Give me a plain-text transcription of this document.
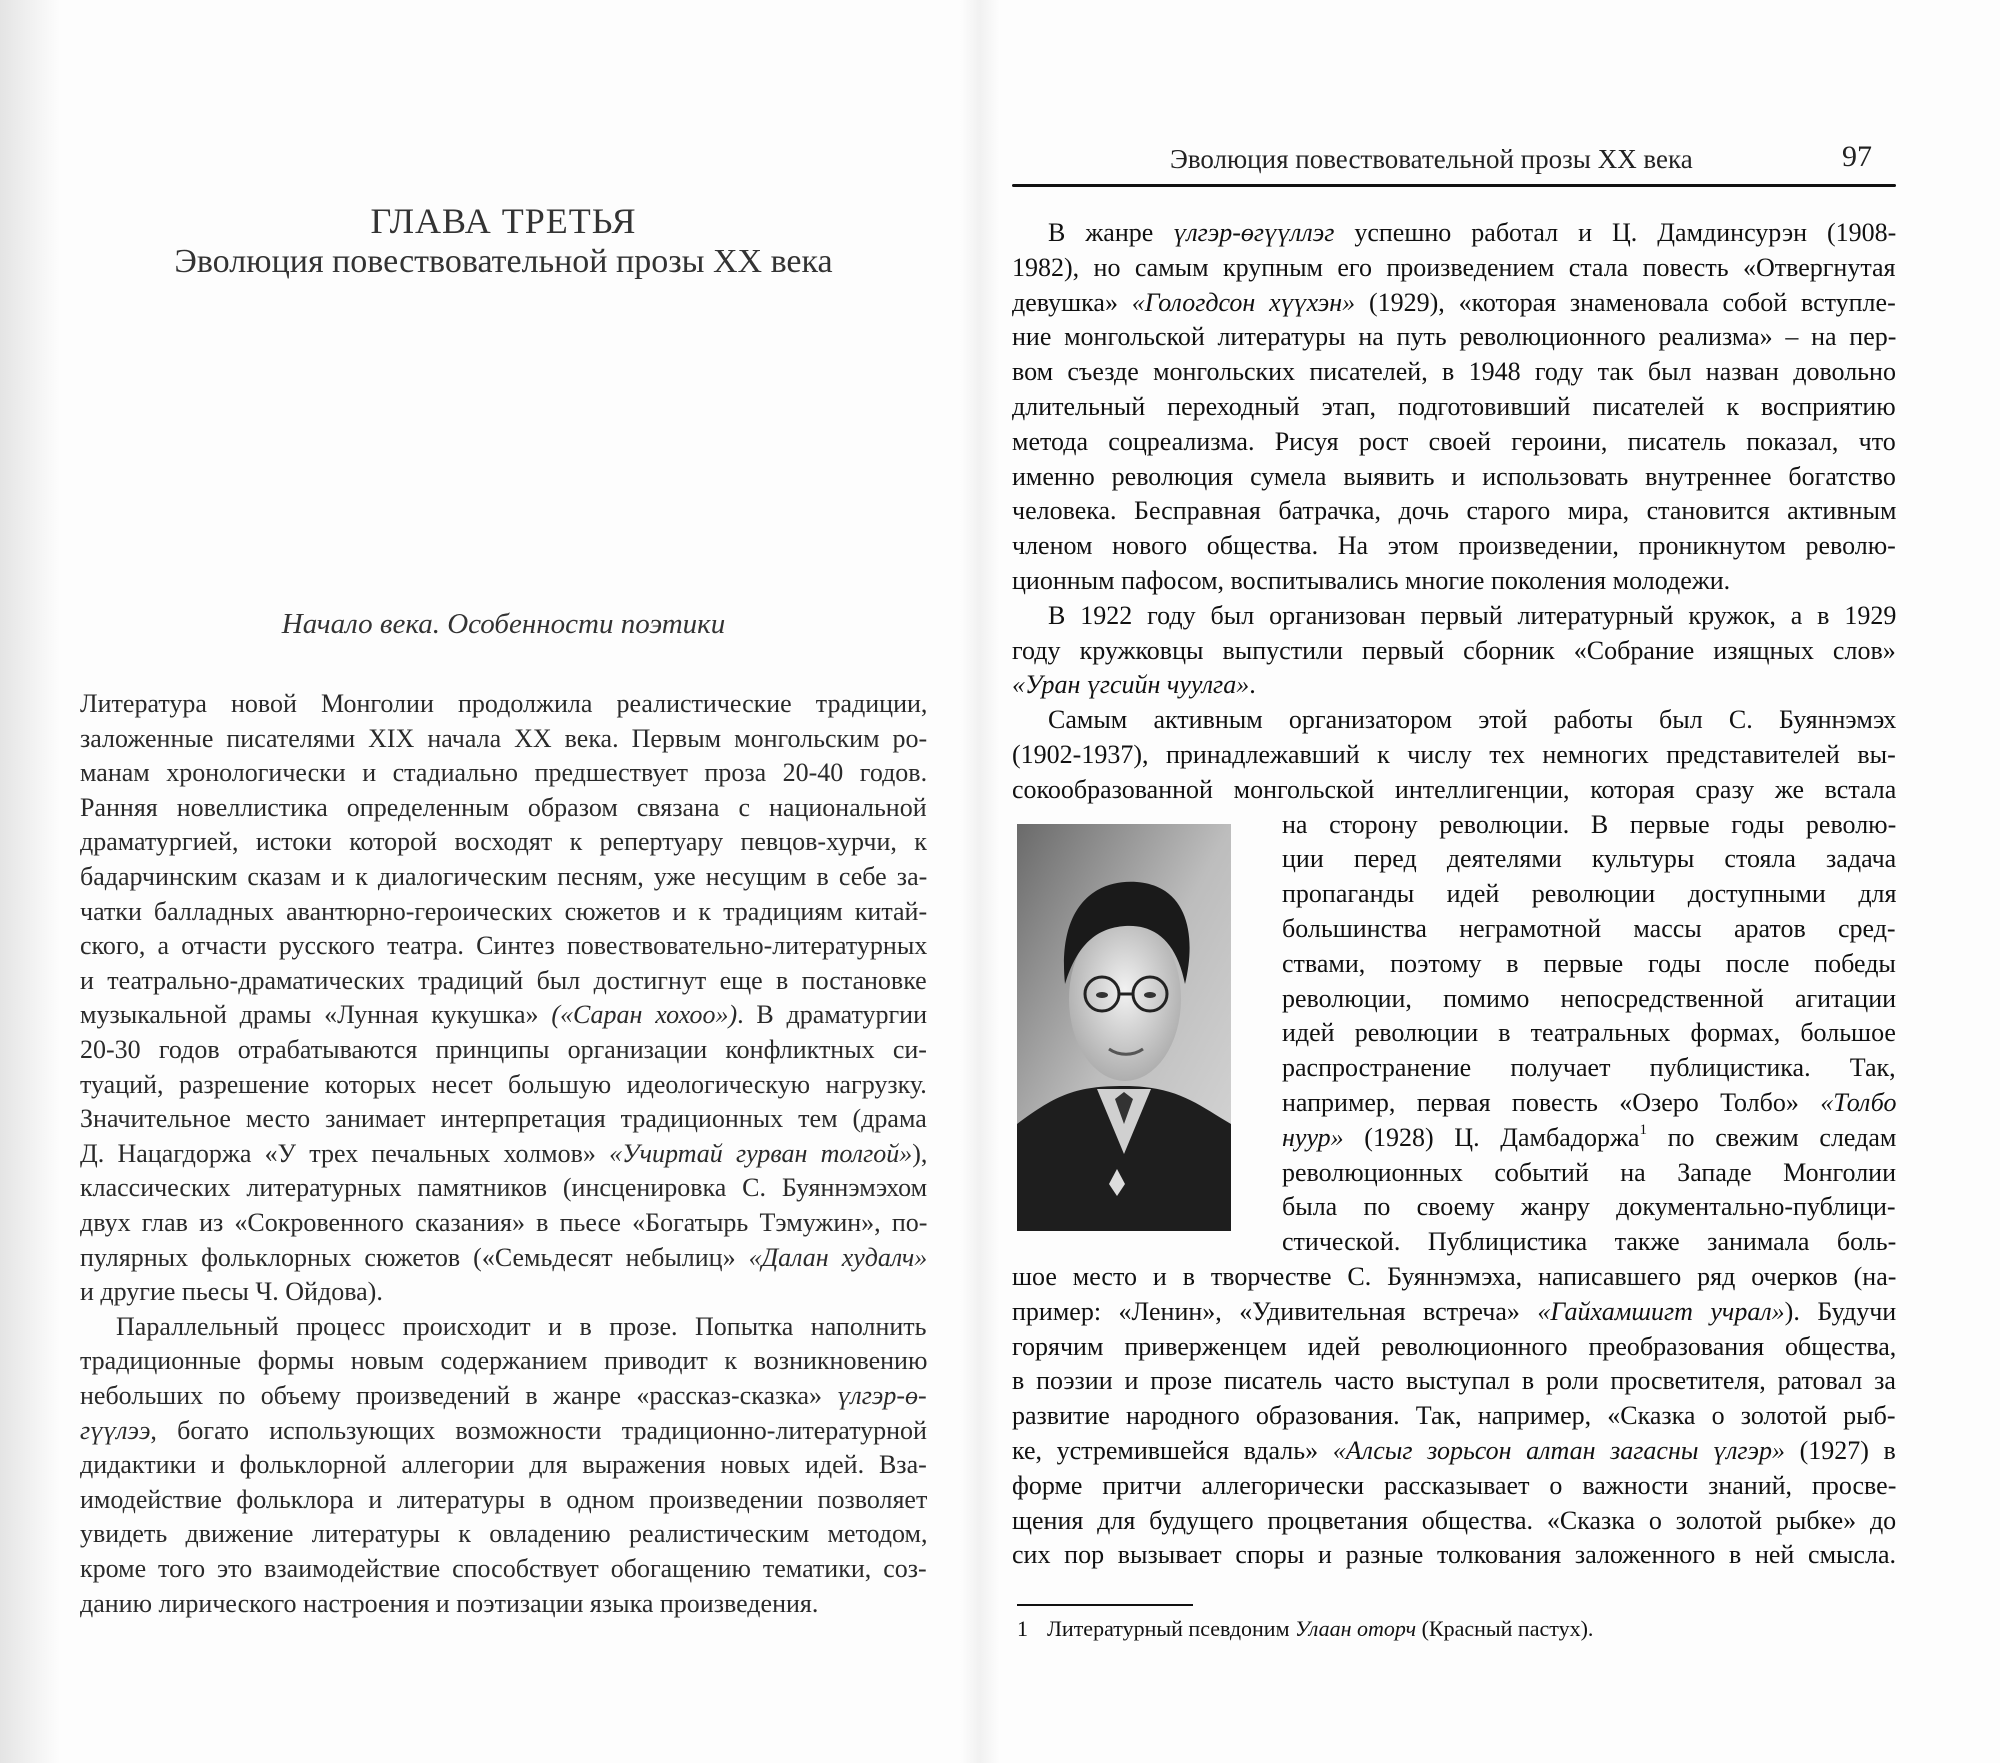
ГЛАВА ТРЕТЬЯ
Эволюция повествовательной прозы XX века
Начало века. Особенности поэтики
Литература новой Монголии продолжила реалистические традиции,
заложенные писателями XIX начала XX века. Первым монгольским ро-
манам хронологически и стадиально предшествует проза 20-40 годов.
Ранняя новеллистика определенным образом связана с национальной
драматургией, истоки которой восходят к репертуару певцов-хурчи, к
бадарчинским сказам и к диалогическим песням, уже несущим в себе за-
чатки балладных авантюрно-героических сюжетов и к традициям китай-
ского, а отчасти русского театра. Синтез повествовательно-литературных
и театрально-драматических традиций был достигнут еще в постановке
музыкальной драмы «Лунная кукушка» («Саран хохоо»). В драматургии
20-30 годов отрабатываются принципы организации конфликтных си-
туаций, разрешение которых несет большую идеологическую нагрузку.
Значительное место занимает интерпретация традиционных тем (драма
Д. Нацагдоржа «У трех печальных холмов» «Учиртай гурван толгой»),
классических литературных памятников (инсценировка С. Буяннэмэхом
двух глав из «Сокровенного сказания» в пьесе «Богатырь Тэмужин», по-
пулярных фольклорных сюжетов («Семьдесят небылиц» «Далан худалч»
и другие пьесы Ч. Ойдова).
Параллельный процесс происходит и в прозе. Попытка наполнить
традиционные формы новым содержанием приводит к возникновению
небольших по объему произведений в жанре «рассказ-сказка» үлгэр-ө-
гүүлээ, богато использующих возможности традиционно-литературной
дидактики и фольклорной аллегории для выражения новых идей. Вза-
имодействие фольклора и литературы в одном произведении позволяет
увидеть движение литературы к овладению реалистическим методом,
кроме того это взаимодействие способствует обогащению тематики, соз-
данию лирического настроения и поэтизации языка произведения.
Эволюция повествовательной прозы XX века	97
В жанре үлгэр-өгүүллэг успешно работал и Ц. Дамдинсурэн (1908-
1982), но самым крупным его произведением стала повесть «Отвергнутая
девушка» «Гологдсон хүүхэн» (1929), «которая знаменовала собой вступле-
ние монгольской литературы на путь революционного реализма» – на пер-
вом съезде монгольских писателей, в 1948 году так был назван довольно
длительный переходный этап, подготовивший писателей к восприятию
метода соцреализма. Рисуя рост своей героини, писатель показал, что
именно революция сумела выявить и использовать внутреннее богатство
человека. Бесправная батрачка, дочь старого мира, становится активным
членом нового общества. На этом произведении, проникнутом револю-
ционным пафосом, воспитывались многие поколения молодежи.
В 1922 году был организован первый литературный кружок, а в 1929
году кружковцы выпустили первый сборник «Собрание изящных слов»
«Уран үгсийн чуулга».
Самым активным организатором этой работы был С. Буяннэмэх
(1902-1937), принадлежавший к числу тех немногих представителей вы-
сокообразованной монгольской интеллигенции, которая сразу же встала
на сторону революции. В первые годы револю-
ции перед деятелями культуры стояла задача
пропаганды идей революции доступными для
большинства неграмотной массы аратов сред-
ствами, поэтому в первые годы после победы
революции, помимо непосредственной агитации
идей революции в театральных формах, большое
распространение получает публицистика. Так,
например, первая повесть «Озеро Толбо» «Толбо
нуур» (1928) Ц. Дамбадоржа$^1$ по свежим следам
революционных событий на Западе Монголии
была по своему жанру документально-публици-
стической. Публицистика также занимала боль-
шое место и в творчестве С. Буяннэмэха, написавшего ряд очерков (на-
пример: «Ленин», «Удивительная встреча» «Гайхамшигт учрал»). Будучи
горячим приверженцем идей революционного преобразования общества,
в поэзии и прозе писатель часто выступал в роли просветителя, ратовал за
развитие народного образования. Так, например, «Сказка о золотой рыб-
ке, устремившейся вдаль» «Алсыг зорьсон алтан загасны үлгэр» (1927) в
форме притчи аллегорически рассказывает о важности знаний, просве-
щения для будущего процветания общества. «Сказка о золотой рыбке» до
сих пор вызывает споры и разные толкования заложенного в ней смысла.
1 Литературный псевдоним Улаан оторч (Красный пастух).
